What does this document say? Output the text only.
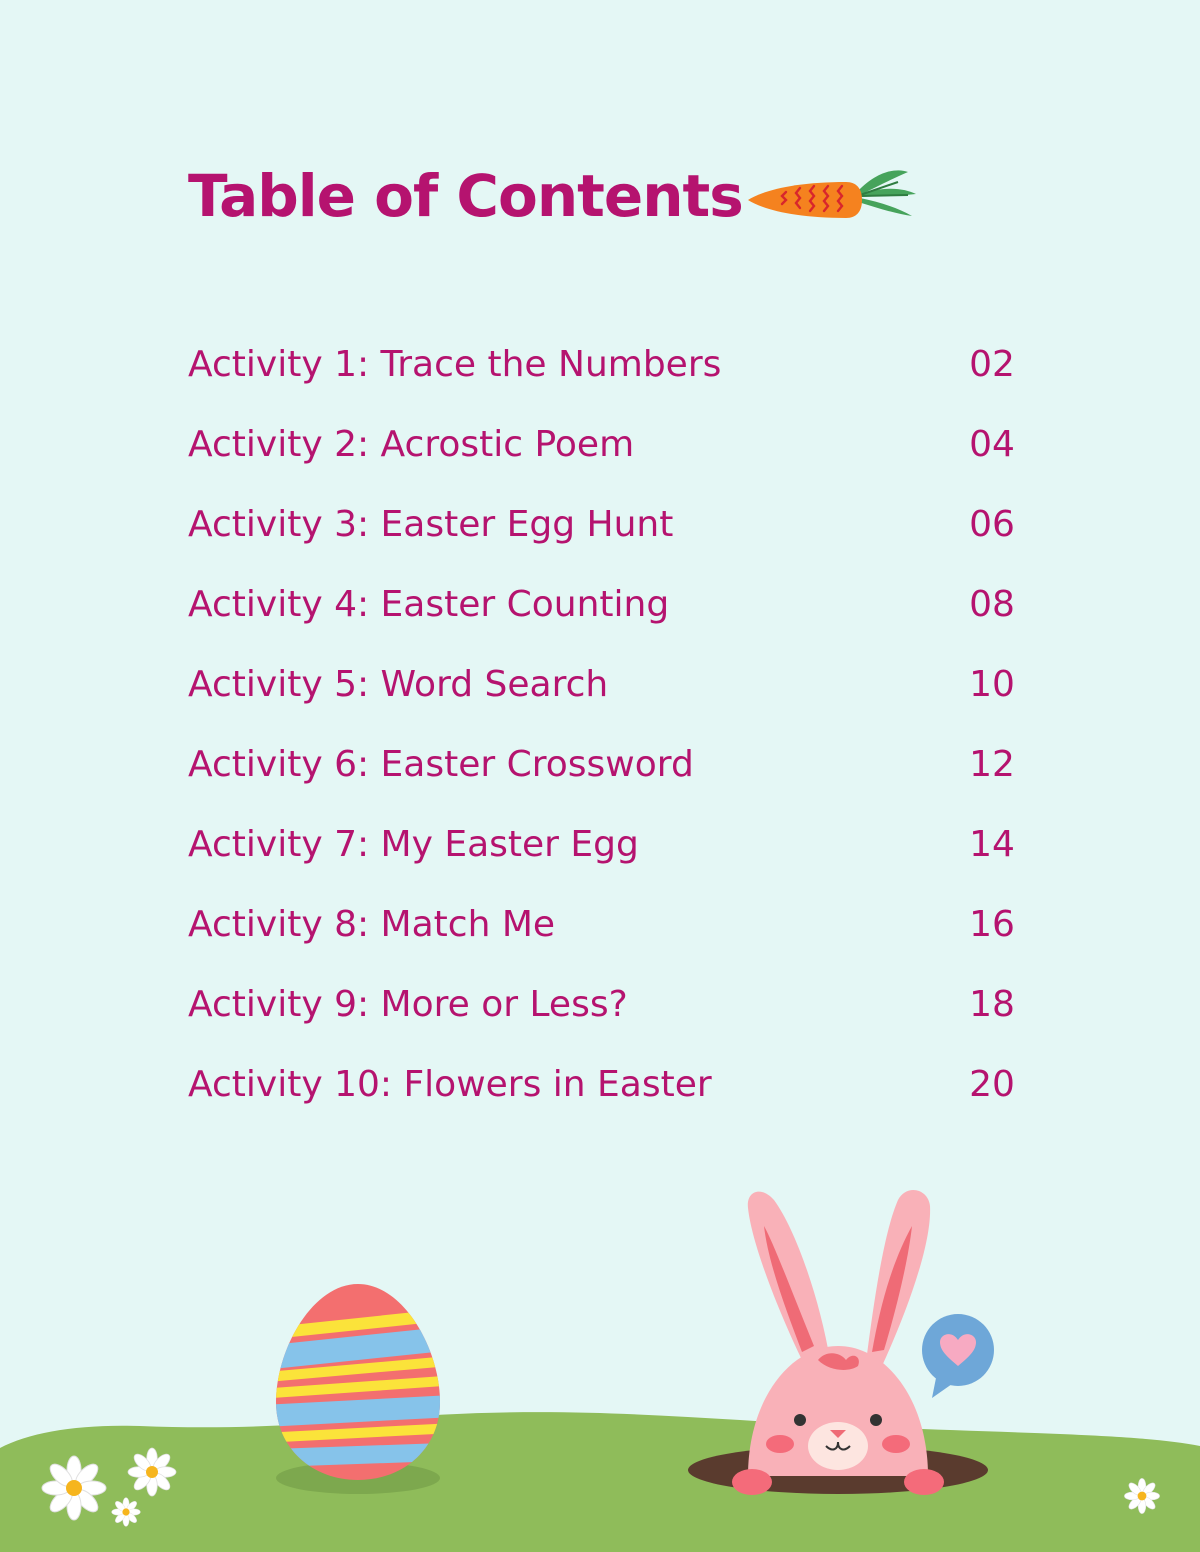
Table of Contents
Activity 1: Trace the Numbers	02
Activity 2: Acrostic Poem	04
Activity 3: Easter Egg Hunt	06
Activity 4: Easter Counting	08
Activity 5: Word Search	10
Activity 6: Easter Crossword	12
Activity 7: My Easter Egg	14
Activity 8: Match Me	16
Activity 9: More or Less?	18
Activity 10: Flowers in Easter	20
